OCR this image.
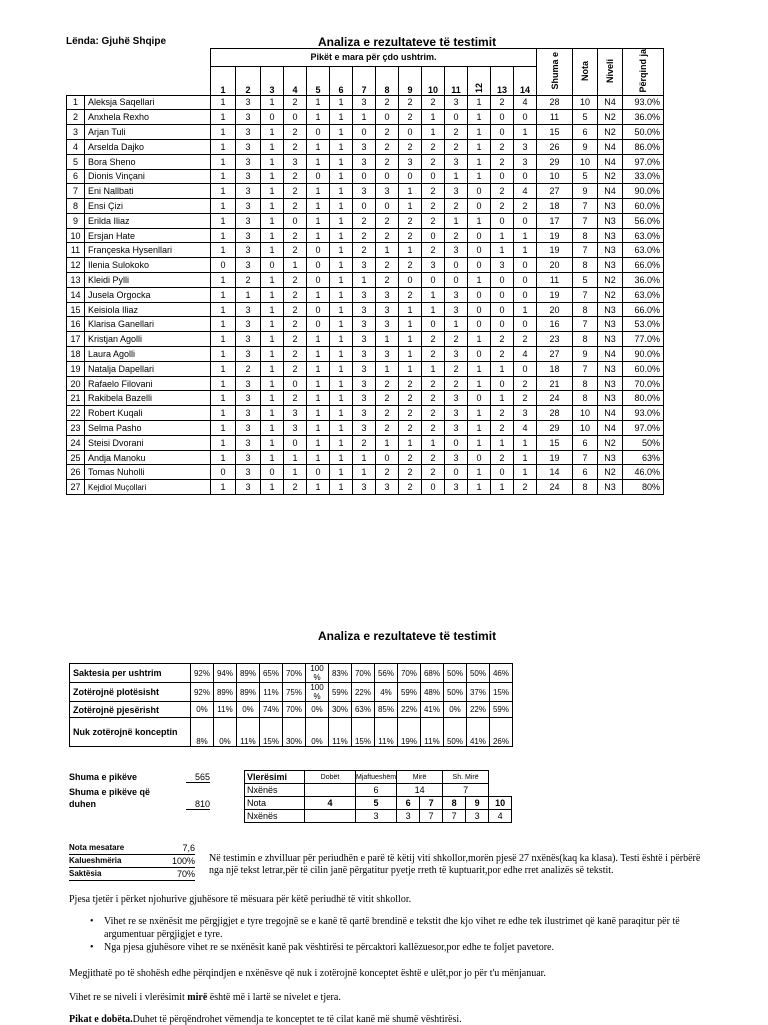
Lënda: Gjuhë Shqipe	Analiza e rezultateve të testimit
		Pikët e mara për çdo ushtrim.														Shuma e	Nota	Niveli	Përqind ja
		1	2	3	4	5	6	7	8	9	10	11	12	13	14				
1	Aleksja Saqellari	1	3	1	2	1	1	3	2	2	2	3	1	2	4	28	10	N4	93.0%
2	Anxhela Rexho	1	3	0	0	1	1	1	0	2	1	0	1	0	0	11	5	N2	36.0%
3	Arjan Tuli	1	3	1	2	0	1	0	2	0	1	2	1	0	1	15	6	N2	50.0%
4	Arselda Dajko	1	3	1	2	1	1	3	2	2	2	2	1	2	3	26	9	N4	86.0%
5	Bora Sheno	1	3	1	3	1	1	3	2	3	2	3	1	2	3	29	10	N4	97.0%
6	Dionis Vinçani	1	3	1	2	0	1	0	0	0	0	1	1	0	0	10	5	N2	33.0%
7	Eni Nallbati	1	3	1	2	1	1	3	3	1	2	3	0	2	4	27	9	N4	90.0%
8	Ensi Çizi	1	3	1	2	1	1	0	0	1	2	2	0	2	2	18	7	N3	60.0%
9	Erilda Iliaz	1	3	1	0	1	1	2	2	2	2	1	1	0	0	17	7	N3	56.0%
10	Ersjan Hate	1	3	1	2	1	1	2	2	2	0	2	0	1	1	19	8	N3	63.0%
11	Françeska Hysenllari	1	3	1	2	0	1	2	1	1	2	3	0	1	1	19	7	N3	63.0%
12	Ilenia Sulokoko	0	3	0	1	0	1	3	2	2	3	0	0	3	0	20	8	N3	66.0%
13	Kleidi Pylli	1	2	1	2	0	1	1	2	0	0	0	1	0	0	11	5	N2	36.0%
14	Jusela Orgocka	1	1	1	2	1	1	3	3	2	1	3	0	0	0	19	7	N2	63.0%
15	Keisiola Iliaz	1	3	1	2	0	1	3	3	1	1	3	0	0	1	20	8	N3	66.0%
16	Klarisa Ganellari	1	3	1	2	0	1	3	3	1	0	1	0	0	0	16	7	N3	53.0%
17	Kristjan Agolli	1	3	1	2	1	1	3	1	1	2	2	1	2	2	23	8	N3	77.0%
18	Laura Agolli	1	3	1	2	1	1	3	3	1	2	3	0	2	4	27	9	N4	90.0%
19	Natalja Dapellari	1	2	1	2	1	1	3	1	1	1	2	1	1	0	18	7	N3	60.0%
20	Rafaelo Filovani	1	3	1	0	1	1	3	2	2	2	2	1	0	2	21	8	N3	70.0%
21	Rakibela Bazelli	1	3	1	2	1	1	3	2	2	2	3	0	1	2	24	8	N3	80.0%
22	Robert Kuqali	1	3	1	3	1	1	3	2	2	2	3	1	2	3	28	10	N4	93.0%
23	Selma Pasho	1	3	1	3	1	1	3	2	2	2	3	1	2	4	29	10	N4	97.0%
24	Steisi Dvorani	1	3	1	0	1	1	2	1	1	1	0	1	1	1	15	6	N2	50%
25	Andja Manoku	1	3	1	1	1	1	1	0	2	2	3	0	2	1	19	7	N3	63%
26	Tomas Nuholli	0	3	0	1	0	1	1	2	2	2	0	1	0	1	14	6	N2	46.0%
27	Kejdiol Muçollari	1	3	1	2	1	1	3	3	2	0	3	1	1	2	24	8	N3	80%
Analiza e rezultateve të testimit
Saktesia per ushtrim	92%	94%	89%	65%	70%	100 %	83%	70%	56%	70%	68%	50%	50%	46%
Zotërojnë plotësisht	92%	89%	89%	11%	75%	100 %	59%	22%	4%	59%	48%	50%	37%	15%
Zotërojnë pjesërisht	0%	11%	0%	74%	70%	0%	30%	63%	85%	22%	41%	0%	22%	59%
Nuk zotërojnë konceptin	8%	0%	11%	15%	30%	0%	11%	15%	11%	19%	11%	50%	41%	26%
Shuma e pikëve	565
Shuma e pikëve që duhen	810
Vlerësimi	Dobët	Mjaftueshëm	Mirë		Sh. Mirë		
Nxënës		6	14		7		
Nota	4	5	6	7	8	9	10
Nxënës		3	3	7	7	3	4
Nota mesatare	7,6
Kalueshmëria	100%
Saktësia	70%
Në testimin e zhvilluar për periudhën e parë të këtij viti shkollor,morën pjesë 27 nxënës(kaq ka klasa). Testi është i përbërë nga një tekst letrar,për të cilin janë përgatitur pyetje rreth të kuptuarit,por edhe rret analizës së tekstit.
Pjesa tjetër i përket njohurive gjuhësore të mësuara për këtë periudhë të vitit shkollor.
• Vihet re se nxënësit me përgjigjet e tyre tregojnë se e kanë të qartë brendinë e tekstit dhe kjo vihet re edhe tek ilustrimet që kanë paraqitur për të argumentuar përgjigjet e tyre.
• Nga pjesa gjuhësore vihet re se nxënësit kanë pak vështirësi te përcaktori kallëzuesor,por edhe te foljet pavetore.
Megjithatë po të shohësh edhe përqindjen e nxënësve që nuk i zotërojnë konceptet është e ulët,por jo për t'u mënjanuar.
Vihet re se niveli i vlerësimit mirë është më i lartë se nivelet e tjera.
Pikat e dobëta.Duhet të përqëndrohet vëmendja te konceptet te të cilat kanë më shumë vështirësi.
